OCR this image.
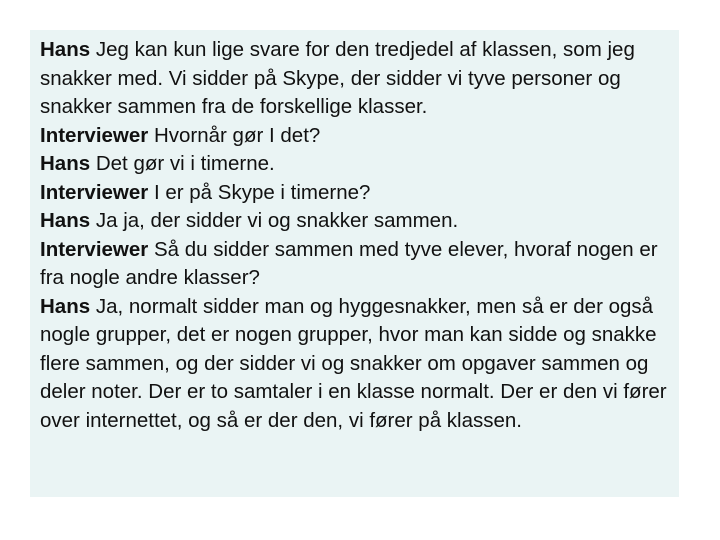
Hans Jeg kan kun lige svare for den tredjedel af klassen, som jeg snakker med. Vi sidder på Skype, der sidder vi tyve personer og snakker sammen fra de forskellige klasser.

Interviewer Hvornår gør I det?

Hans Det gør vi i timerne.

Interviewer I er på Skype i timerne?

Hans Ja ja, der sidder vi og snakker sammen.

Interviewer Så du sidder sammen med tyve elever, hvoraf nogen er fra nogle andre klasser?

Hans Ja, normalt sidder man og hyggesnakker, men så er der også nogle grupper, det er nogen grupper, hvor man kan sidde og snakke flere sammen, og der sidder vi og snakker om opgaver sammen og deler noter. Der er to samtaler i en klasse normalt. Der er den vi fører over internettet, og så er der den, vi fører på klassen.
